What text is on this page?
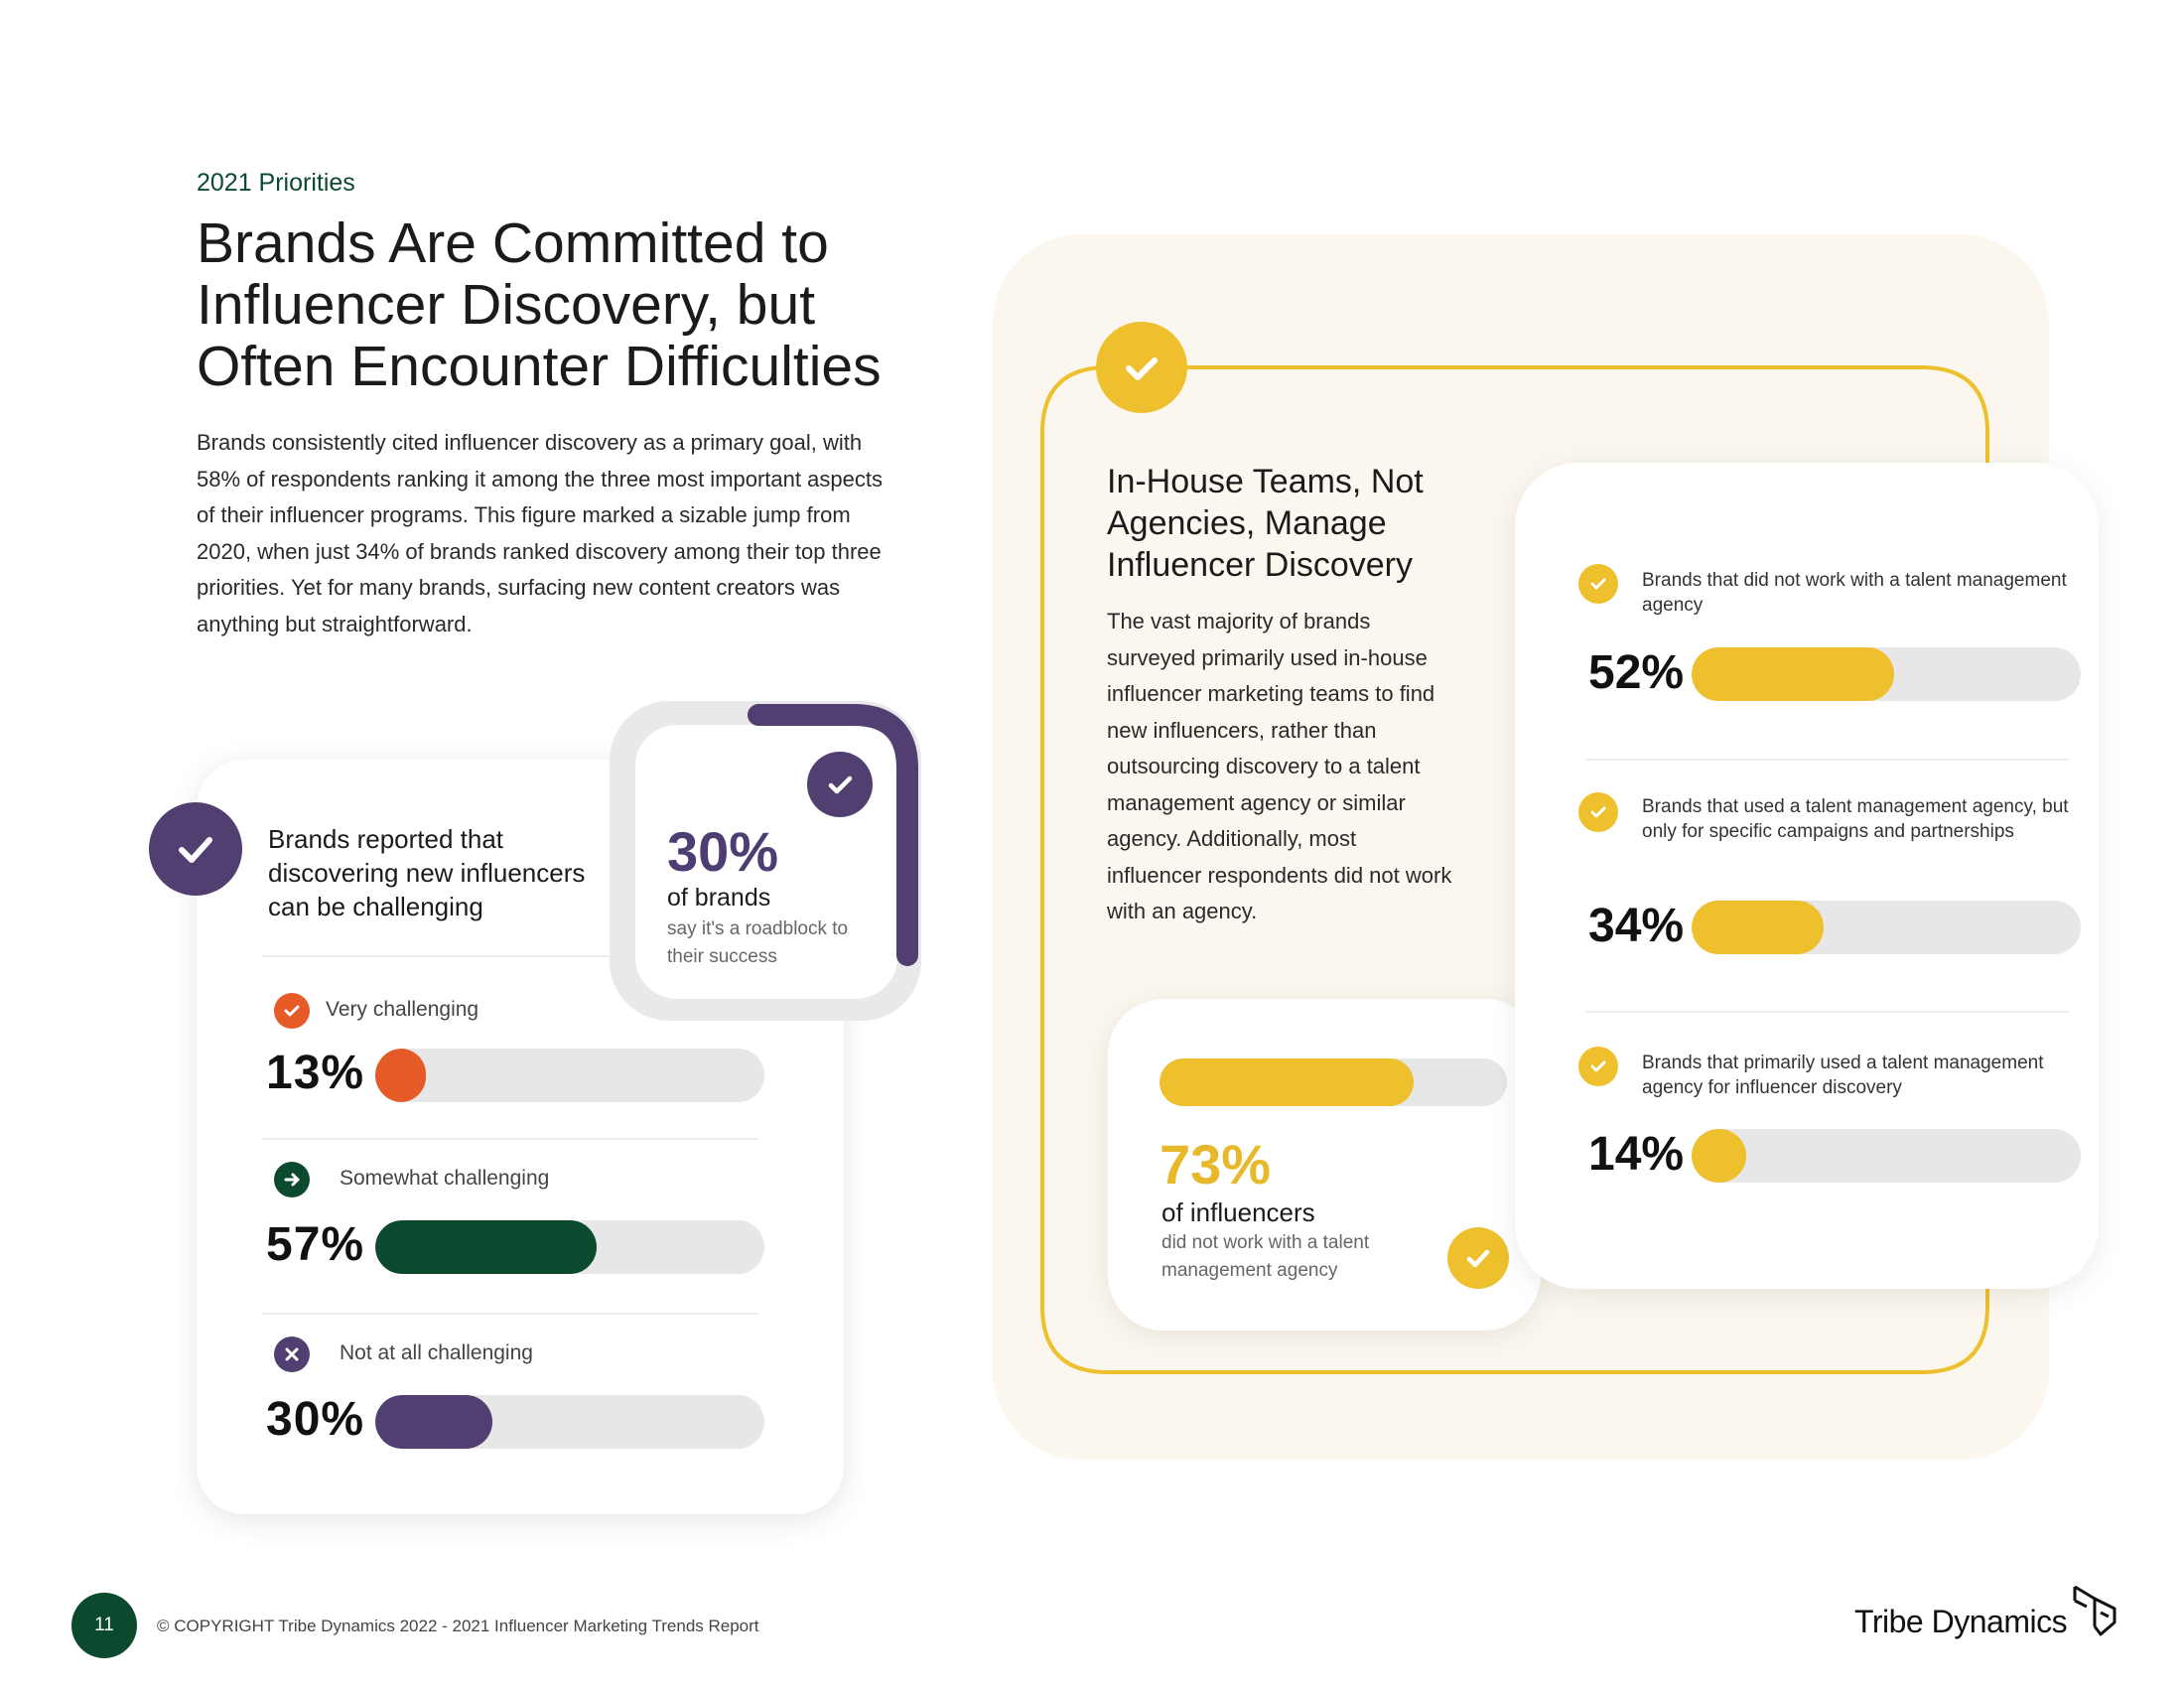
2021 Priorities
Brands Are Committed to Influencer Discovery, but Often Encounter Difficulties
Brands consistently cited influencer discovery as a primary goal, with 58% of respondents ranking it among the three most important aspects of their influencer programs. This figure marked a sizable jump from 2020, when just 34% of brands ranked discovery among their top three priorities. Yet for many brands, surfacing new content creators was anything but straightforward.
Brands reported that discovering new influencers can be challenging
Very challenging
13%
Somewhat challenging
57%
Not at all challenging
30%
30%
of brands
say it's a roadblock to their success
In-House Teams, Not Agencies, Manage Influencer Discovery
The vast majority of brands surveyed primarily used in-house influencer marketing teams to find new influencers, rather than outsourcing discovery to a talent management agency or similar agency. Additionally, most influencer respondents did not work with an agency.
73%
of influencers
did not work with a talent management agency
Brands that did not work with a talent management agency
52%
Brands that used a talent management agency, but only for specific campaigns and partnerships
34%
Brands that primarily used a talent management agency for influencer discovery
14%
11	© COPYRIGHT Tribe Dynamics 2022 - 2021 Influencer Marketing Trends Report	Tribe Dynamics
